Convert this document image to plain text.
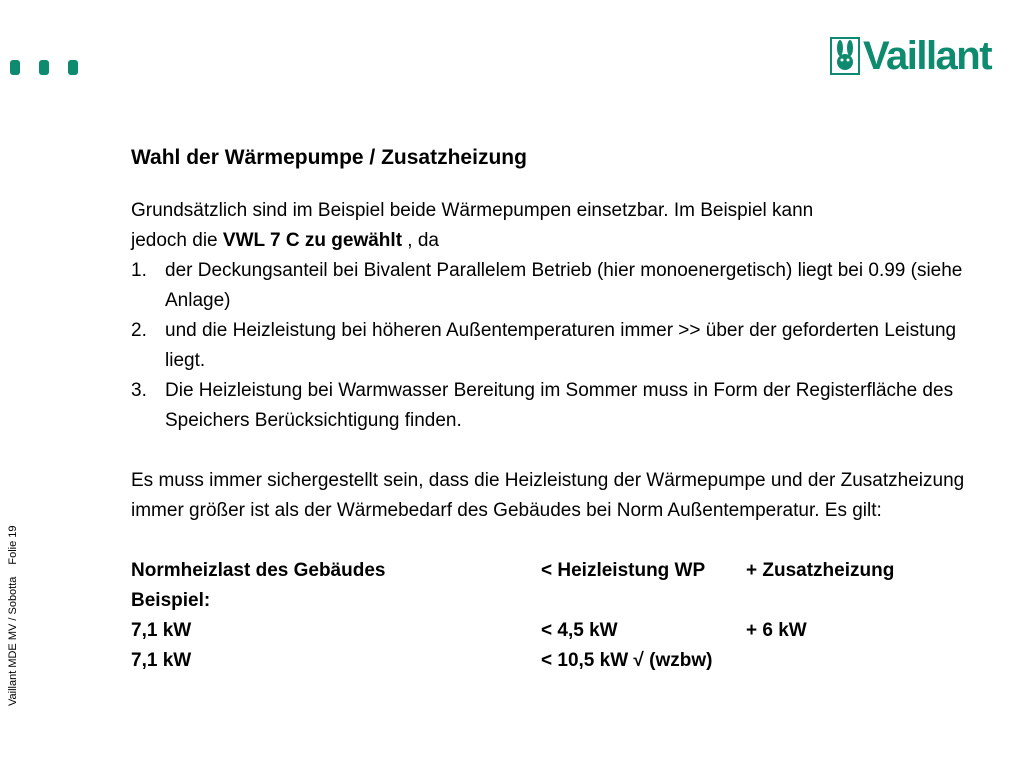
Vaillant
Vaillant MDE MV / SobottaFolie 19
Wahl der Wärmepumpe / Zusatzheizung

Grundsätzlich sind im Beispiel beide Wärmepumpen einsetzbar. Im Beispiel kann

jedoch die VWL 7 C zu gewählt , da

1. der Deckungsanteil bei Bivalent Parallelem Betrieb (hier monoenergetisch) liegt bei 0.99 (siehe Anlage)
2. und die Heizleistung bei höheren Außentemperaturen immer >> über der geforderten Leistung liegt.
3. Die Heizleistung bei Warmwasser Bereitung im Sommer muss in Form der Registerfläche des Speichers Berücksichtigung finden.

Es muss immer sichergestellt sein, dass die Heizleistung der Wärmepumpe und der Zusatzheizung immer größer ist als der Wärmebedarf des Gebäudes bei Norm Außentemperatur. Es gilt:

Normheizlast des Gebäudes	< Heizleistung WP	+ Zusatzheizung
Beispiel:
7,1 kW	< 4,5 kW	+ 6 kW
7,1 kW	< 10,5 kW √ (wzbw)
